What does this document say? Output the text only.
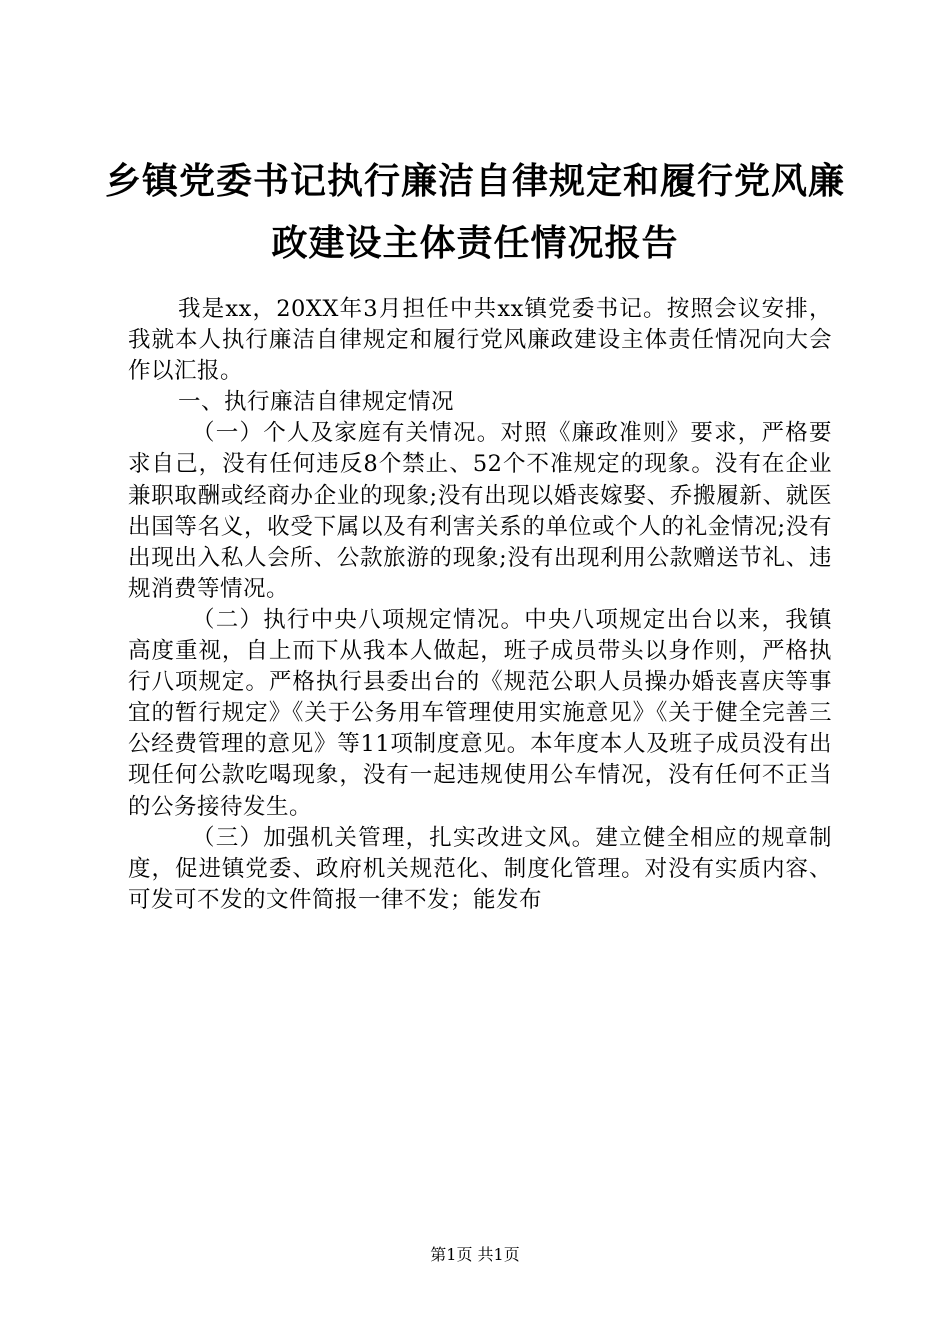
乡镇党委书记执行廉洁自律规定和履行党风廉
政建设主体责任情况报告

我是xx，20XX年3月担任中共xx镇党委书记。按照会议安排，我就本人执行廉洁自律规定和履行党风廉政建设主体责任情况向大会作以汇报。

一、执行廉洁自律规定情况

（一）个人及家庭有关情况。对照《廉政准则》要求，严格要求自己，没有任何违反8个禁止、52个不准规定的现象。没有在企业兼职取酬或经商办企业的现象;没有出现以婚丧嫁娶、乔搬履新、就医出国等名义，收受下属以及有利害关系的单位或个人的礼金情况;没有出现出入私人会所、公款旅游的现象;没有出现利用公款赠送节礼、违规消费等情况。

（二）执行中央八项规定情况。中央八项规定出台以来，我镇高度重视，自上而下从我本人做起，班子成员带头以身作则，严格执行八项规定。严格执行县委出台的《规范公职人员操办婚丧喜庆等事宜的暂行规定》《关于公务用车管理使用实施意见》《关于健全完善三公经费管理的意见》等11项制度意见。本年度本人及班子成员没有出现任何公款吃喝现象，没有一起违规使用公车情况，没有任何不正当的公务接待发生。

（三）加强机关管理，扎实改进文风。建立健全相应的规章制度，促进镇党委、政府机关规范化、制度化管理。对没有实质内容、可发可不发的文件简报一律不发；能发布

第1页 共1页
